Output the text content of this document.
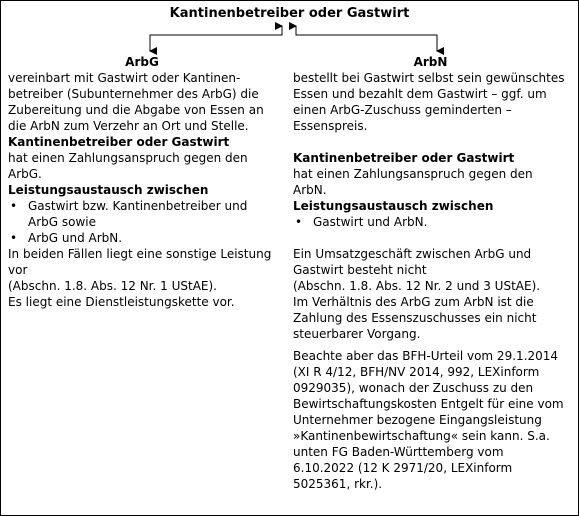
Kantinenbetreiber oder Gastwirt
ArbG
vereinbart mit Gastwirt oder Kantinenbetreiber (Subunternehmer des ArbG) die Zubereitung und die Abgabe von Essen an die ArbN zum Verzehr an Ort und Stelle.
Kantinenbetreiber oder Gastwirt
hat einen Zahlungsanspruch gegen den ArbG.
Leistungsaustausch zwischen
• Gastwirt bzw. Kantinenbetreiber und ArbG sowie
• ArbG und ArbN.
In beiden Fällen liegt eine sonstige Leistung vor
(Abschn. 1.8. Abs. 12 Nr. 1 UStAE).
Es liegt eine Dienstleistungskette vor.
ArbN
bestellt bei Gastwirt selbst sein gewünschtes Essen und bezahlt dem Gastwirt – ggf. um einen ArbG-Zuschuss geminderten – Essenspreis.
Kantinenbetreiber oder Gastwirt
hat einen Zahlungsanspruch gegen den ArbN.
Leistungsaustausch zwischen
• Gastwirt und ArbN.
Ein Umsatzgeschäft zwischen ArbG und Gastwirt besteht nicht
(Abschn. 1.8. Abs. 12 Nr. 2 und 3 UStAE).
Im Verhältnis des ArbG zum ArbN ist die Zahlung des Essenszuschusses ein nicht steuerbarer Vorgang.
Beachte aber das BFH-Urteil vom 29.1.2014 (XI R 4/12, BFH/NV 2014, 992, LEXinform 0929035), wonach der Zuschuss zu den Bewirtschaftungskosten Entgelt für eine vom Unternehmer bezogene Eingangsleistung »Kantinenbewirtschaftung« sein kann. S.a. unten FG Baden-Württemberg vom 6.10.2022 (12 K 2971/20, LEXinform 5025361, rkr.).
